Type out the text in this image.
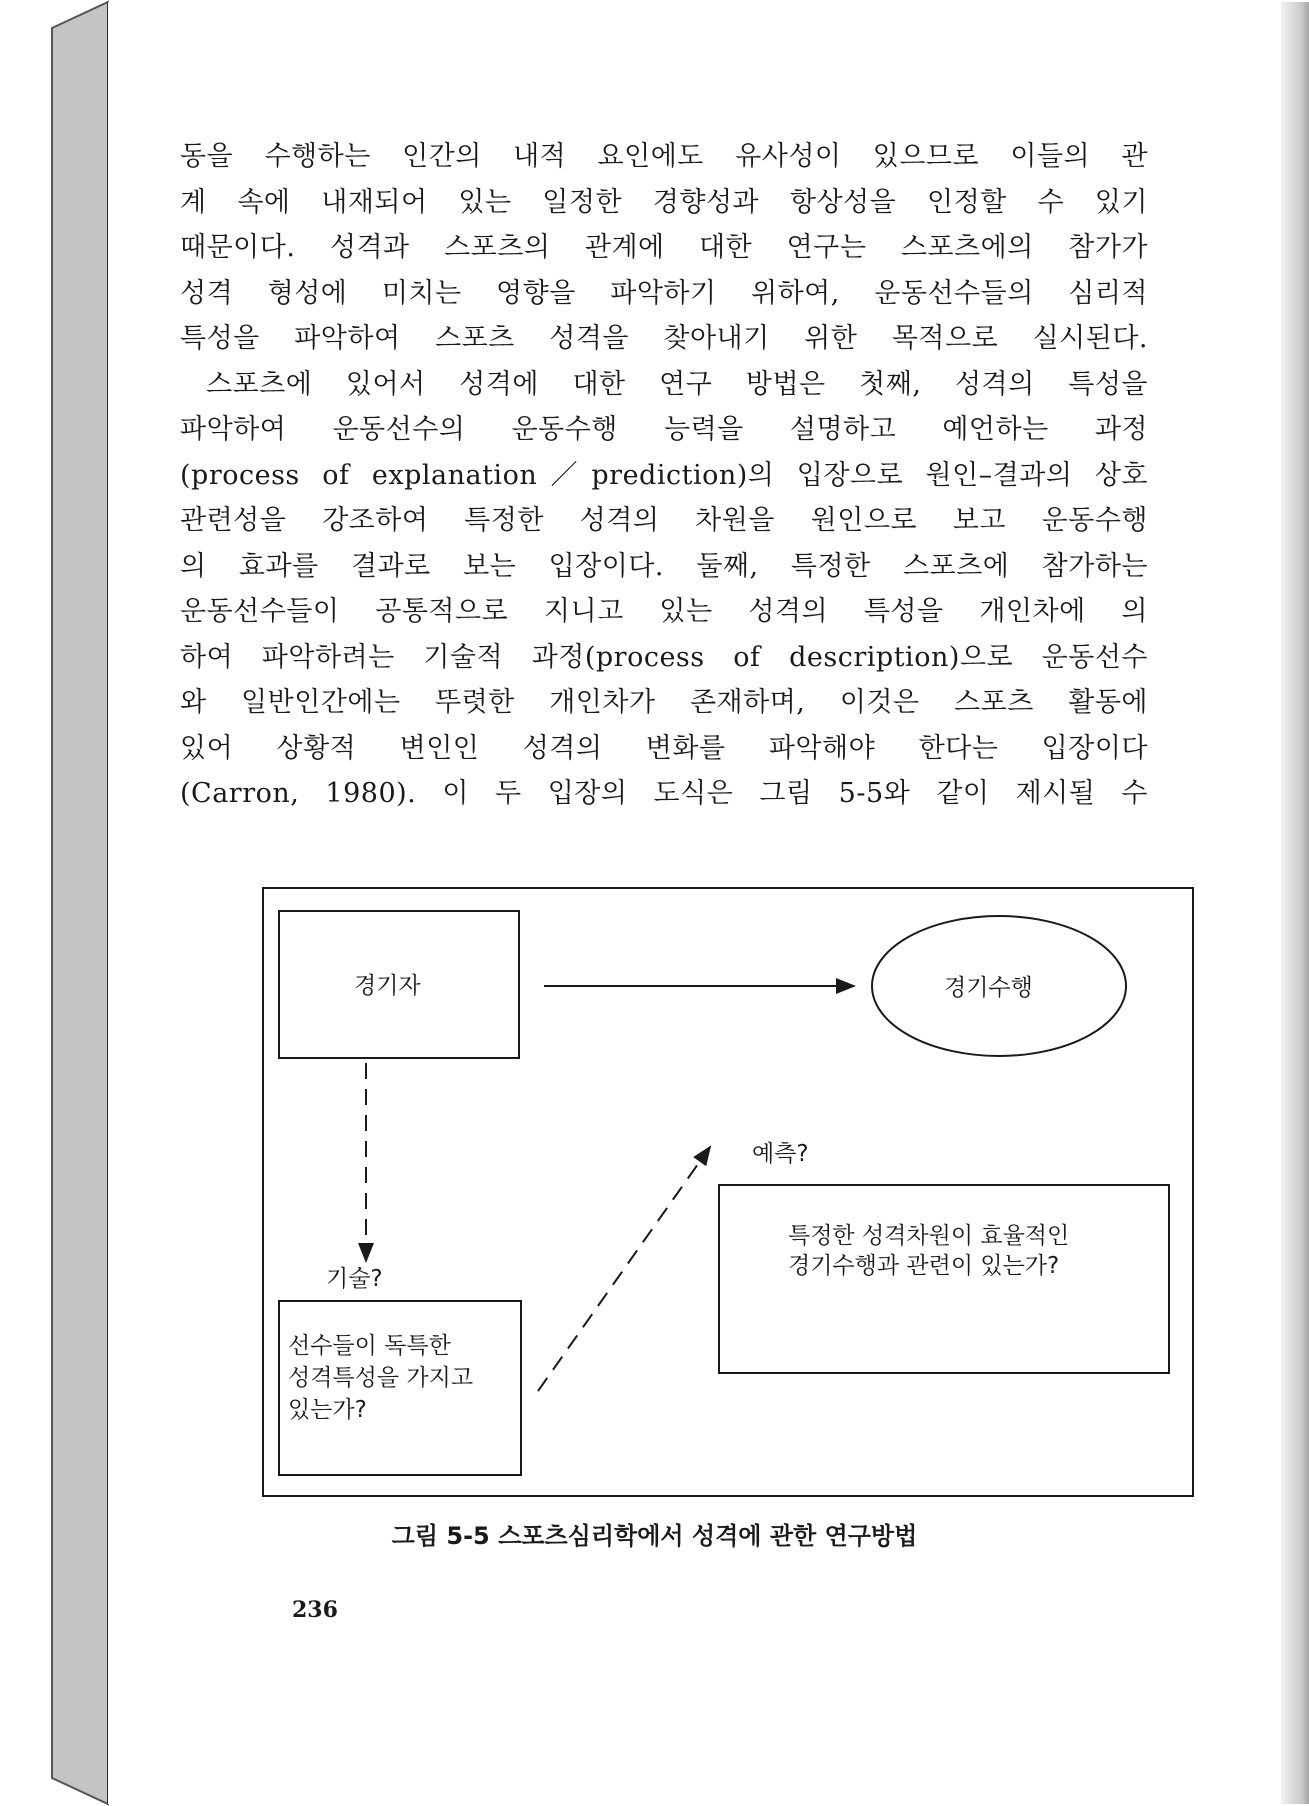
동을 수행하는 인간의 내적 요인에도 유사성이 있으므로 이들의 관
계 속에 내재되어 있는 일정한 경향성과 항상성을 인정할 수 있기
때문이다. 성격과 스포츠의 관계에 대한 연구는 스포츠에의 참가가
성격 형성에 미치는 영향을 파악하기 위하여, 운동선수들의 심리적
특성을 파악하여 스포츠 성격을 찾아내기 위한 목적으로 실시된다.
스포츠에 있어서 성격에 대한 연구 방법은 첫째, 성격의 특성을
파악하여 운동선수의 운동수행 능력을 설명하고 예언하는 과정
(process of explanation／prediction)의 입장으로 원인–결과의 상호
관련성을 강조하여 특정한 성격의 차원을 원인으로 보고 운동수행
의 효과를 결과로 보는 입장이다. 둘째, 특정한 스포츠에 참가하는
운동선수들이 공통적으로 지니고 있는 성격의 특성을 개인차에 의
하여 파악하려는 기술적 과정(process of description)으로 운동선수
와 일반인간에는 뚜렷한 개인차가 존재하며, 이것은 스포츠 활동에
있어 상황적 변인인 성격의 변화를 파악해야 한다는 입장이다
(Carron, 1980). 이 두 입장의 도식은 그림 5-5와 같이 제시될 수
경기자	경기수행
기술?
예측?
선수들이 독특한
성격특성을 가지고
있는가?
특정한 성격차원이 효율적인
경기수행과 관련이 있는가?
그림 5-5 스포츠심리학에서 성격에 관한 연구방법
236
